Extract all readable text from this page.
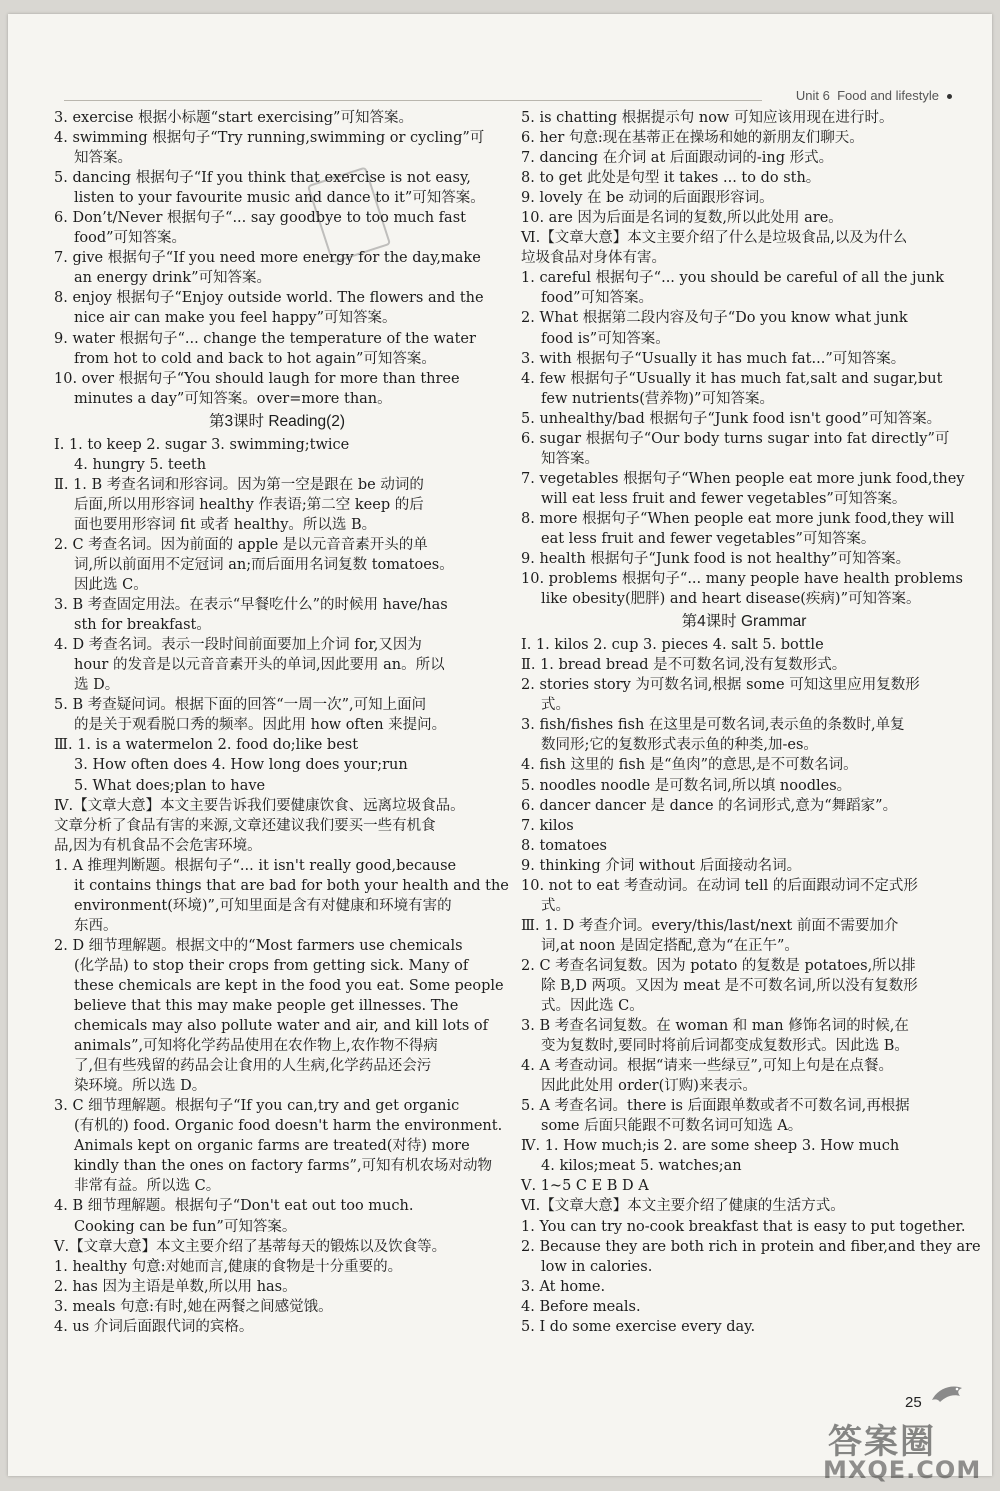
Unit 6 Food and lifestyle
3. exercise 根据小标题“start exercising”可知答案。
4. swimming 根据句子“Try running,swimming or cycling”可
知答案。
5. dancing 根据句子“If you think that exercise is not easy,
listen to your favourite music and dance to it”可知答案。
6. Don’t/Never 根据句子“... say goodbye to too much fast
food”可知答案。
7. give 根据句子“If you need more energy for the day,make
an energy drink”可知答案。
8. enjoy 根据句子“Enjoy outside world. The flowers and the
nice air can make you feel happy”可知答案。
9. water 根据句子“... change the temperature of the water
from hot to cold and back to hot again”可知答案。
10. over 根据句子“You should laugh for more than three
minutes a day”可知答案。over=more than。
第3课时 Reading(2)
Ⅰ. 1. to keep 2. sugar 3. swimming;twice
4. hungry 5. teeth
Ⅱ. 1. B 考查名词和形容词。因为第一空是跟在 be 动词的
后面,所以用形容词 healthy 作表语;第二空 keep 的后
面也要用形容词 fit 或者 healthy。所以选 B。
2. C 考查名词。因为前面的 apple 是以元音音素开头的单
词,所以前面用不定冠词 an;而后面用名词复数 tomatoes。
因此选 C。
3. B 考查固定用法。在表示“早餐吃什么”的时候用 have/has
sth for breakfast。
4. D 考查名词。表示一段时间前面要加上介词 for,又因为
hour 的发音是以元音音素开头的单词,因此要用 an。所以
选 D。
5. B 考查疑问词。根据下面的回答“一周一次”,可知上面问
的是关于观看脱口秀的频率。因此用 how often 来提问。
Ⅲ. 1. is a watermelon 2. food do;like best
3. How often does 4. How long does your;run
5. What does;plan to have
Ⅳ.【文章大意】本文主要告诉我们要健康饮食、远离垃圾食品。
文章分析了食品有害的来源,文章还建议我们要买一些有机食
品,因为有机食品不会危害环境。
1. A 推理判断题。根据句子“... it isn't really good,because
it contains things that are bad for both your health and the
environment(环境)”,可知里面是含有对健康和环境有害的
东西。
2. D 细节理解题。根据文中的“Most farmers use chemicals
(化学品) to stop their crops from getting sick. Many of
these chemicals are kept in the food you eat. Some people
believe that this may make people get illnesses. The
chemicals may also pollute water and air, and kill lots of
animals”,可知将化学药品使用在农作物上,农作物不得病
了,但有些残留的药品会让食用的人生病,化学药品还会污
染环境。所以选 D。
3. C 细节理解题。根据句子“If you can,try and get organic
(有机的) food. Organic food doesn't harm the environment.
Animals kept on organic farms are treated(对待) more
kindly than the ones on factory farms”,可知有机农场对动物
非常有益。所以选 C。
4. B 细节理解题。根据句子“Don't eat out too much.
Cooking can be fun”可知答案。
Ⅴ.【文章大意】本文主要介绍了基蒂每天的锻炼以及饮食等。
1. healthy 句意:对她而言,健康的食物是十分重要的。
2. has 因为主语是单数,所以用 has。
3. meals 句意:有时,她在两餐之间感觉饿。
4. us 介词后面跟代词的宾格。
5. is chatting 根据提示句 now 可知应该用现在进行时。
6. her 句意:现在基蒂正在操场和她的新朋友们聊天。
7. dancing 在介词 at 后面跟动词的-ing 形式。
8. to get 此处是句型 it takes ... to do sth。
9. lovely 在 be 动词的后面跟形容词。
10. are 因为后面是名词的复数,所以此处用 are。
Ⅵ.【文章大意】本文主要介绍了什么是垃圾食品,以及为什么
垃圾食品对身体有害。
1. careful 根据句子“... you should be careful of all the junk
food”可知答案。
2. What 根据第二段内容及句子“Do you know what junk
food is”可知答案。
3. with 根据句子“Usually it has much fat...”可知答案。
4. few 根据句子“Usually it has much fat,salt and sugar,but
few nutrients(营养物)”可知答案。
5. unhealthy/bad 根据句子“Junk food isn't good”可知答案。
6. sugar 根据句子“Our body turns sugar into fat directly”可
知答案。
7. vegetables 根据句子“When people eat more junk food,they
will eat less fruit and fewer vegetables”可知答案。
8. more 根据句子“When people eat more junk food,they will
eat less fruit and fewer vegetables”可知答案。
9. health 根据句子“Junk food is not healthy”可知答案。
10. problems 根据句子“... many people have health problems
like obesity(肥胖) and heart disease(疾病)”可知答案。
第4课时 Grammar
Ⅰ. 1. kilos 2. cup 3. pieces 4. salt 5. bottle
Ⅱ. 1. bread bread 是不可数名词,没有复数形式。
2. stories story 为可数名词,根据 some 可知这里应用复数形
式。
3. fish/fishes fish 在这里是可数名词,表示鱼的条数时,单复
数同形;它的复数形式表示鱼的种类,加-es。
4. fish 这里的 fish 是“鱼肉”的意思,是不可数名词。
5. noodles noodle 是可数名词,所以填 noodles。
6. dancer dancer 是 dance 的名词形式,意为“舞蹈家”。
7. kilos
8. tomatoes
9. thinking 介词 without 后面接动名词。
10. not to eat 考查动词。在动词 tell 的后面跟动词不定式形
式。
Ⅲ. 1. D 考查介词。every/this/last/next 前面不需要加介
词,at noon 是固定搭配,意为“在正午”。
2. C 考查名词复数。因为 potato 的复数是 potatoes,所以排
除 B,D 两项。又因为 meat 是不可数名词,所以没有复数形
式。因此选 C。
3. B 考查名词复数。在 woman 和 man 修饰名词的时候,在
变为复数时,要同时将前后词都变成复数形式。因此选 B。
4. A 考查动词。根据“请来一些绿豆”,可知上句是在点餐。
因此此处用 order(订购)来表示。
5. A 考查名词。there is 后面跟单数或者不可数名词,再根据
some 后面只能跟不可数名词可知选 A。
Ⅳ. 1. How much;is 2. are some sheep 3. How much
4. kilos;meat 5. watches;an
Ⅴ. 1~5 C E B D A
Ⅵ.【文章大意】本文主要介绍了健康的生活方式。
1. You can try no-cook breakfast that is easy to put together.
2. Because they are both rich in protein and fiber,and they are
low in calories.
3. At home.
4. Before meals.
5. I do some exercise every day.
25
答案圈
MXQE.COM
